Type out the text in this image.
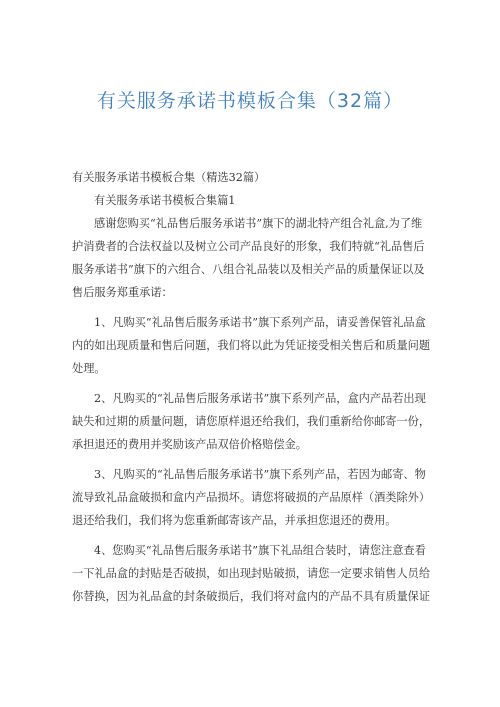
有关服务承诺书模板合集（32篇）
有关服务承诺书模板合集（精选32篇）
有关服务承诺书模板合集篇1
感谢您购买“礼品售后服务承诺书”旗下的湖北特产组合礼盒,为了维
护消费者的合法权益以及树立公司产品良好的形象，我们特就“礼品售后
服务承诺书”旗下的六组合、八组合礼品装以及相关产品的质量保证以及
售后服务郑重承诺：
1、凡购买“礼品售后服务承诺书”旗下系列产品，请妥善保管礼品盒
内的如出现质量和售后问题，我们将以此为凭证接受相关售后和质量问题
处理。
2、凡购买的“礼品售后服务承诺书”旗下系列产品，盒内产品若出现
缺失和过期的质量问题，请您原样退还给我们，我们重新给你邮寄一份，
承担退还的费用并奖励该产品双倍价格赔偿金。
3、凡购买的“礼品售后服务承诺书”旗下系列产品，若因为邮寄、物
流导致礼品盒破损和盒内产品损坏。请您将破损的产品原样（酒类除外）
退还给我们，我们将为您重新邮寄该产品，并承担您退还的费用。
4、您购买“礼品售后服务承诺书”旗下礼品组合装时，请您注意查看
一下礼品盒的封贴是否破损，如出现封贴破损，请您一定要求销售人员给
你替换，因为礼品盒的封条破损后，我们将对盒内的产品不具有质量保证
